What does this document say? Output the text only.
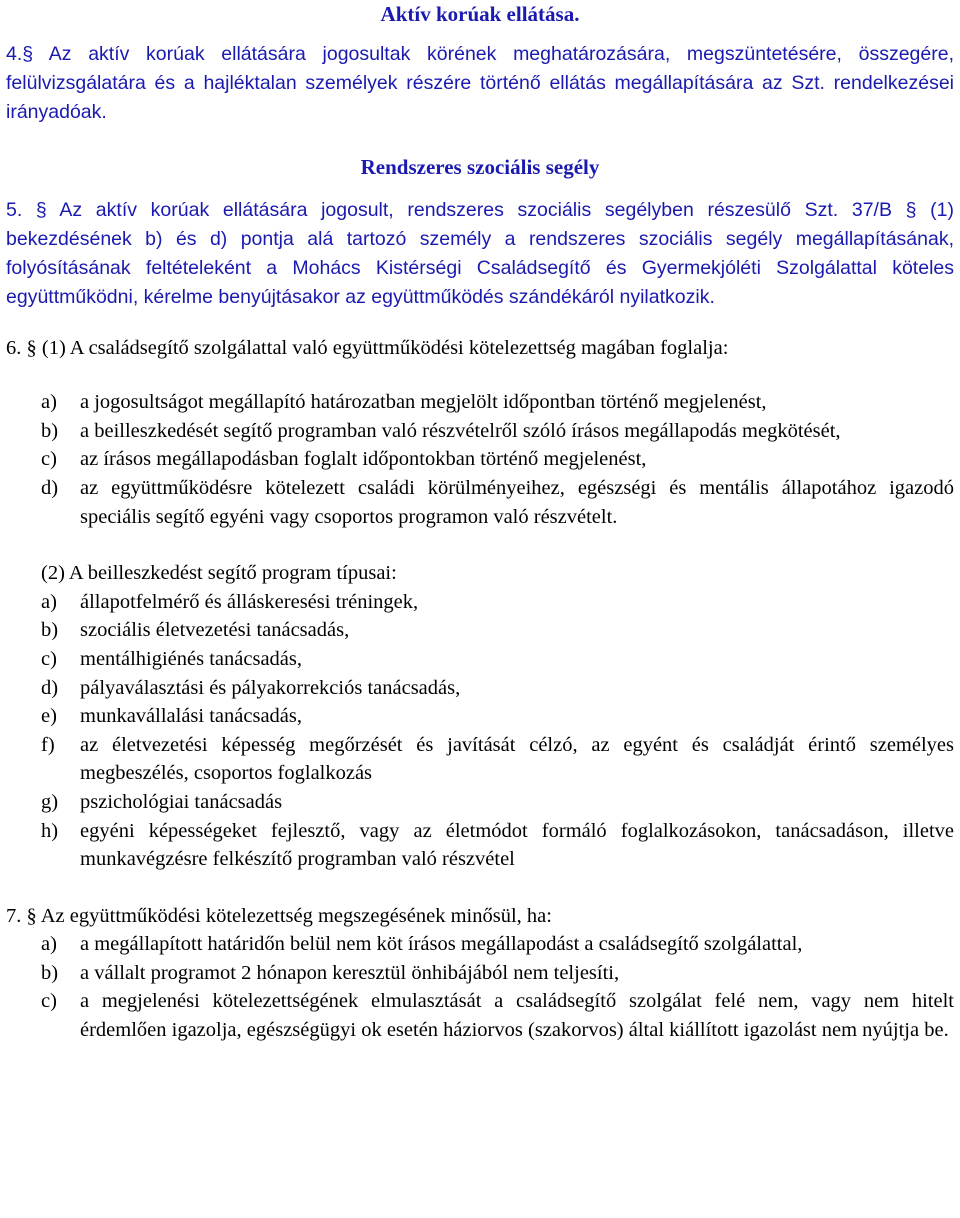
Aktív korúak ellátása.

4.§ Az aktív korúak ellátására jogosultak körének meghatározására, megszüntetésére, összegére, felülvizsgálatára és a hajléktalan személyek részére történő ellátás megállapítására az Szt. rendelkezései irányadóak.

Rendszeres szociális segély

5. § Az aktív korúak ellátására jogosult, rendszeres szociális segélyben részesülő Szt. 37/B § (1) bekezdésének b) és d) pontja alá tartozó személy a rendszeres szociális segély megállapításának, folyósításának feltételeként a Mohács Kistérségi Családsegítő és Gyermekjóléti Szolgálattal köteles együttműködni, kérelme benyújtásakor az együttműködés szándékáról nyilatkozik.

6. § (1) A családsegítő szolgálattal való együttműködési kötelezettség magában foglalja:

a) a jogosultságot megállapító határozatban megjelölt időpontban történő megjelenést,
b) a beilleszkedését segítő programban való részvételről szóló írásos megállapodás megkötését,
c) az írásos megállapodásban foglalt időpontokban történő megjelenést,
d) az együttműködésre kötelezett családi körülményeihez, egészségi és mentális állapotához igazodó speciális segítő egyéni vagy csoportos programon való részvételt.

(2) A beilleszkedést segítő program típusai:

a) állapotfelmérő és álláskeresési tréningek,
b) szociális életvezetési tanácsadás,
c) mentálhigiénés tanácsadás,
d) pályaválasztási és pályakorrekciós tanácsadás,
e) munkavállalási tanácsadás,
f) az életvezetési képesség megőrzését és javítását célzó, az egyént és családját érintő személyes megbeszélés, csoportos foglalkozás
g) pszichológiai tanácsadás
h) egyéni képességeket fejlesztő, vagy az életmódot formáló foglalkozásokon, tanácsadáson, illetve munkavégzésre felkészítő programban való részvétel

7. § Az együttműködési kötelezettség megszegésének minősül, ha:

a) a megállapított határidőn belül nem köt írásos megállapodást a családsegítő szolgálattal,
b) a vállalt programot 2 hónapon keresztül önhibájából nem teljesíti,
c) a megjelenési kötelezettségének elmulasztását a családsegítő szolgálat felé nem, vagy nem hitelt érdemlően igazolja, egészségügyi ok esetén háziorvos (szakorvos) által kiállított igazolást nem nyújtja be.
